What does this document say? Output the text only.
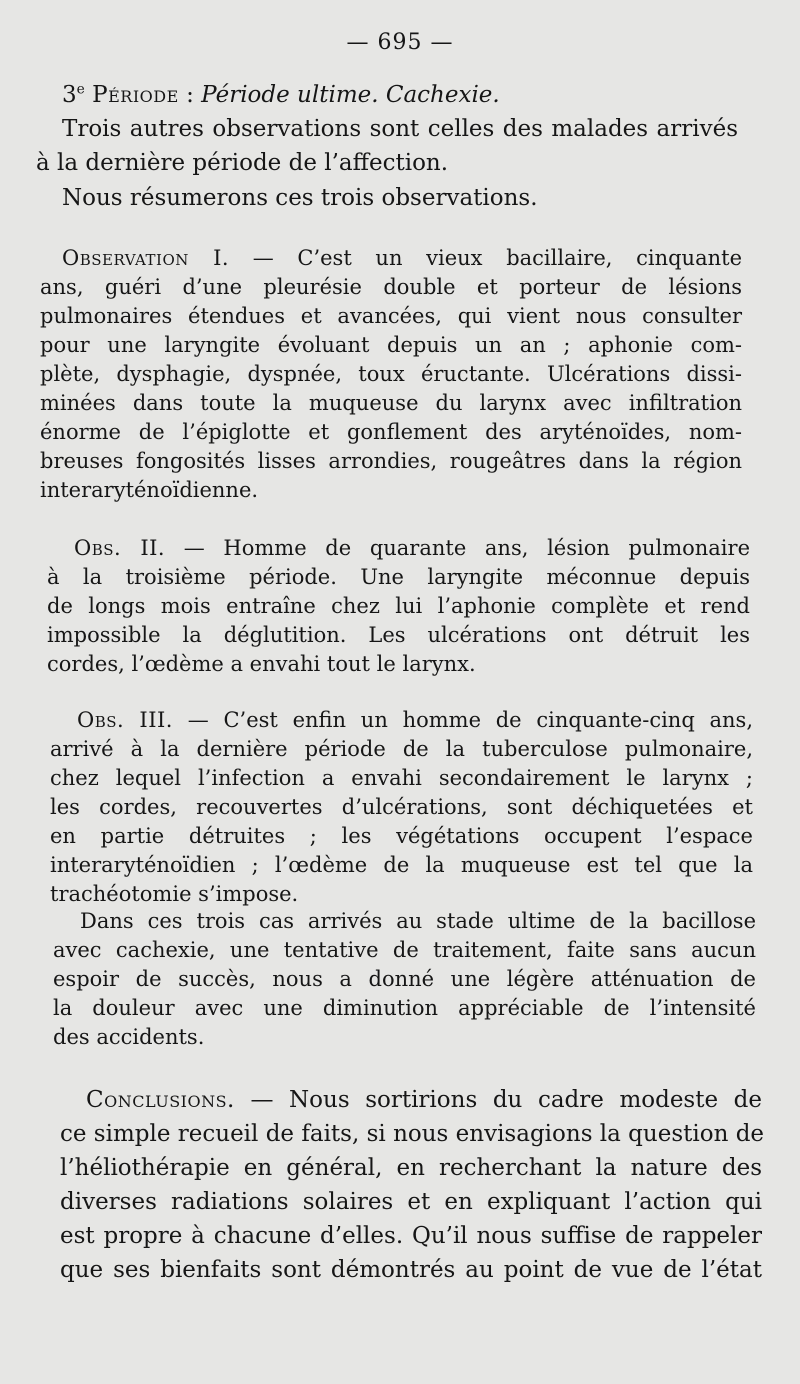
— 695 —
3e Période : Période ultime. Cachexie.
Trois autres observations sont celles des malades arrivés
à la dernière période de l’affection.
Nous résumerons ces trois observations.
Observation I. — C’est un vieux bacillaire, cinquante
ans, guéri d’une pleurésie double et porteur de lésions
pulmonaires étendues et avancées, qui vient nous consulter
pour une laryngite évoluant depuis un an ; aphonie com-
plète, dysphagie, dyspnée, toux éructante. Ulcérations dissi-
minées dans toute la muqueuse du larynx avec infiltration
énorme de l’épiglotte et gonflement des aryténoïdes, nom-
breuses fongosités lisses arrondies, rougeâtres dans la région
interaryténoïdienne.
Obs. II. — Homme de quarante ans, lésion pulmonaire
à la troisième période. Une laryngite méconnue depuis
de longs mois entraîne chez lui l’aphonie complète et rend
impossible la déglutition. Les ulcérations ont détruit les
cordes, l’œdème a envahi tout le larynx.
Obs. III. — C’est enfin un homme de cinquante-cinq ans,
arrivé à la dernière période de la tuberculose pulmonaire,
chez lequel l’infection a envahi secondairement le larynx ;
les cordes, recouvertes d’ulcérations, sont déchiquetées et
en partie détruites ; les végétations occupent l’espace
interaryténoïdien ; l’œdème de la muqueuse est tel que la
trachéotomie s’impose.
Dans ces trois cas arrivés au stade ultime de la bacillose
avec cachexie, une tentative de traitement, faite sans aucun
espoir de succès, nous a donné une légère atténuation de
la douleur avec une diminution appréciable de l’intensité
des accidents.
Conclusions. — Nous sortirions du cadre modeste de
ce simple recueil de faits, si nous envisagions la question de
l’héliothérapie en général, en recherchant la nature des
diverses radiations solaires et en expliquant l’action qui
est propre à chacune d’elles. Qu’il nous suffise de rappeler
que ses bienfaits sont démontrés au point de vue de l’état
